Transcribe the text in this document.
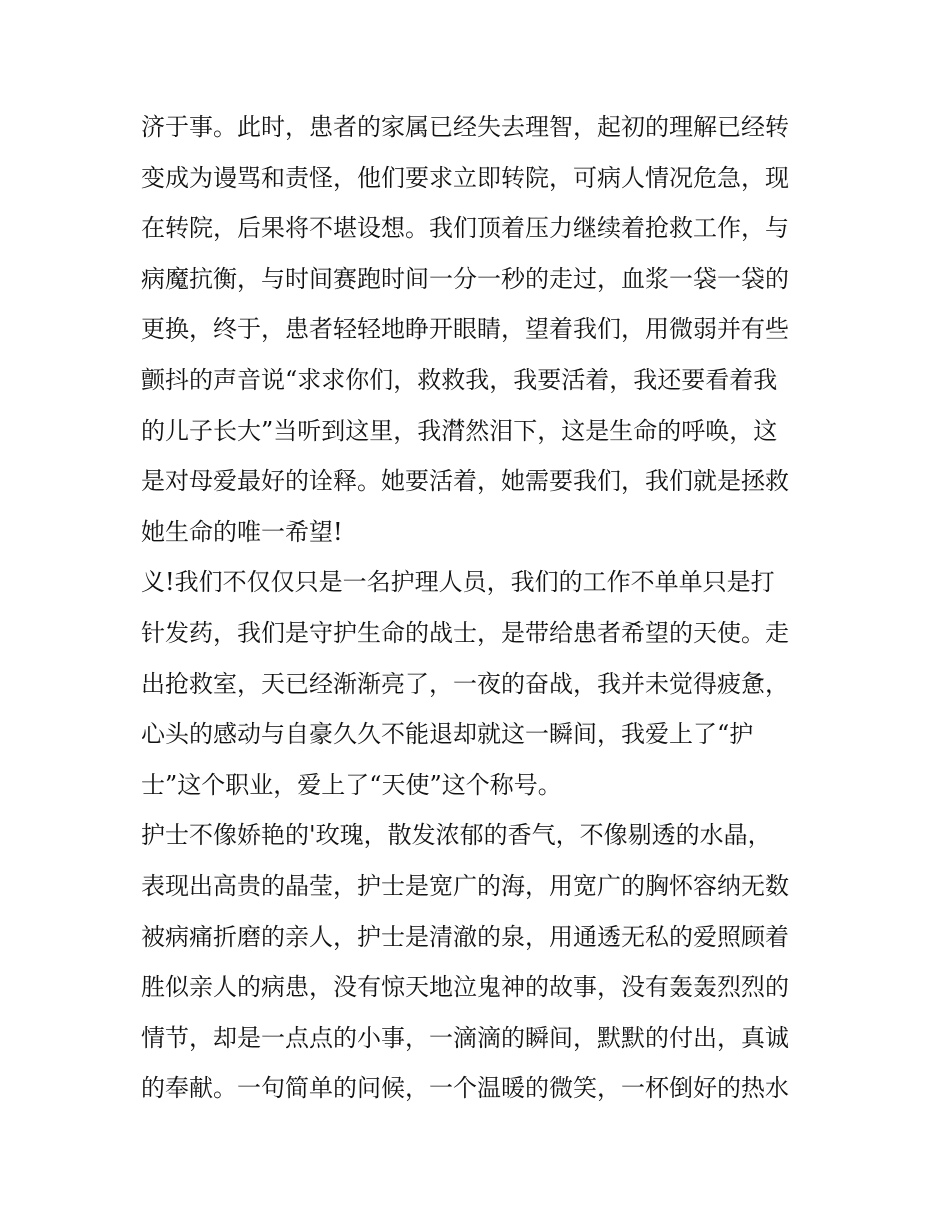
济于事。此时，患者的家属已经失去理智，起初的理解已经转
变成为谩骂和责怪，他们要求立即转院，可病人情况危急，现
在转院，后果将不堪设想。我们顶着压力继续着抢救工作，与
病魔抗衡，与时间赛跑时间一分一秒的走过，血浆一袋一袋的
更换，终于，患者轻轻地睁开眼睛，望着我们，用微弱并有些
颤抖的声音说“求求你们，救救我，我要活着，我还要看着我
的儿子长大”当听到这里，我潸然泪下，这是生命的呼唤，这
是对母爱最好的诠释。她要活着，她需要我们，我们就是拯救
她生命的唯一希望!
义!我们不仅仅只是一名护理人员，我们的工作不单单只是打
针发药，我们是守护生命的战士，是带给患者希望的天使。走
出抢救室，天已经渐渐亮了，一夜的奋战，我并未觉得疲惫，
心头的感动与自豪久久不能退却就这一瞬间，我爱上了“护
士”这个职业，爱上了“天使”这个称号。
护士不像娇艳的'玫瑰，散发浓郁的香气，不像剔透的水晶，
表现出高贵的晶莹，护士是宽广的海，用宽广的胸怀容纳无数
被病痛折磨的亲人，护士是清澈的泉，用通透无私的爱照顾着
胜似亲人的病患，没有惊天地泣鬼神的故事，没有轰轰烈烈的
情节，却是一点点的小事，一滴滴的瞬间，默默的付出，真诚
的奉献。一句简单的问候，一个温暖的微笑，一杯倒好的热水
